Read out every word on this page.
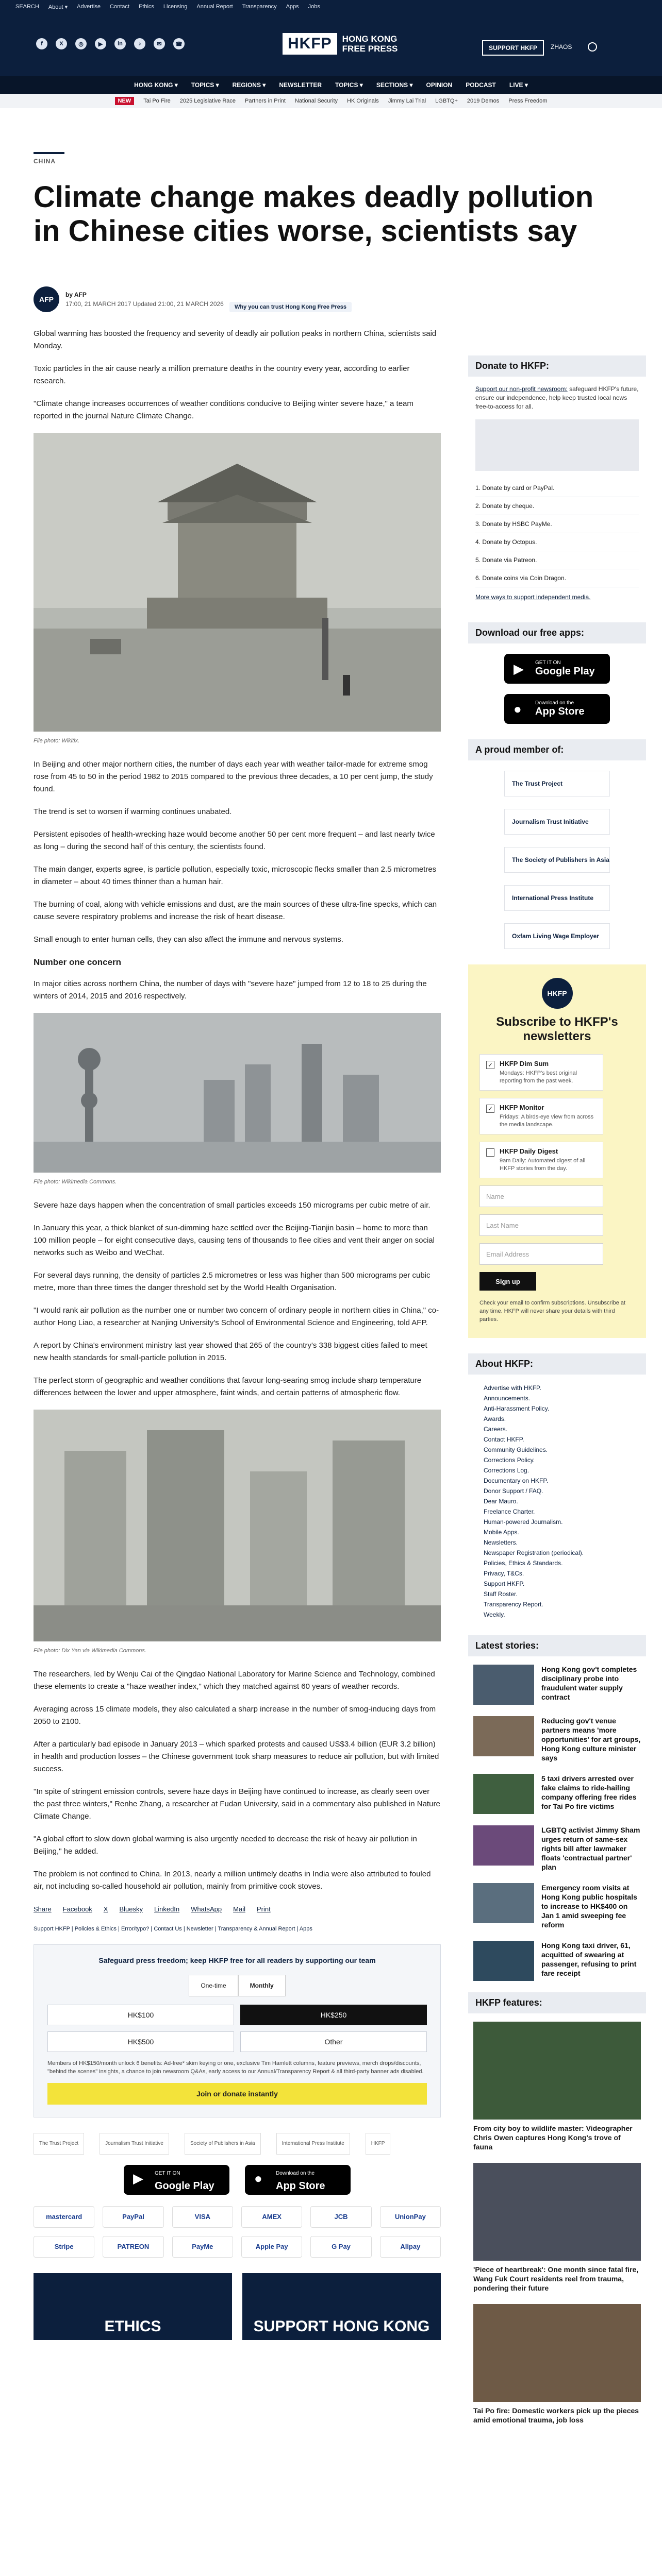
SEARCH About ▾ Advertise Contact Ethics Licensing Annual Report Transparency Apps Jobs
f	X	◎	▶	in	♪	✉	☎	HKFP	HONG KONG
FREE PRESS	SUPPORT HKFP	ZHAOS
HONG KONG ▾ TOPICS ▾ REGIONS ▾ NEWSLETTER TOPICS ▾ SECTIONS ▾ OPINION PODCAST LIVE ▾
NEW	Tai Po Fire 2025 Legislative Race Partners in Print National Security HK Originals Jimmy Lai Trial LGBTQ+ 2019 Demos Press Freedom
CHINA
Climate change makes deadly pollution in Chinese cities worse, scientists say
AFP
by AFP
17:00, 21 MARCH 2017 Updated 21:00, 21 MARCH 2026	Why you can trust Hong Kong Free Press

Global warming has boosted the frequency and severity of deadly air pollution peaks in northern China, scientists said Monday.

Toxic particles in the air cause nearly a million premature deaths in the country every year, according to earlier research.

"Climate change increases occurrences of weather conditions conducive to Beijing winter severe haze," a team reported in the journal Nature Climate Change.

File photo: Wikitix.

In Beijing and other major northern cities, the number of days each year with weather tailor-made for extreme smog rose from 45 to 50 in the period 1982 to 2015 compared to the previous three decades, a 10 per cent jump, the study found.

The trend is set to worsen if warming continues unabated.

Persistent episodes of health-wrecking haze would become another 50 per cent more frequent – and last nearly twice as long – during the second half of this century, the scientists found.

The main danger, experts agree, is particle pollution, especially toxic, microscopic flecks smaller than 2.5 micrometres in diameter – about 40 times thinner than a human hair.

The burning of coal, along with vehicle emissions and dust, are the main sources of these ultra-fine specks, which can cause severe respiratory problems and increase the risk of heart disease.

Small enough to enter human cells, they can also affect the immune and nervous systems.

Number one concern

In major cities across northern China, the number of days with "severe haze" jumped from 12 to 18 to 25 during the winters of 2014, 2015 and 2016 respectively.

File photo: Wikimedia Commons.

Severe haze days happen when the concentration of small particles exceeds 150 micrograms per cubic metre of air.

In January this year, a thick blanket of sun-dimming haze settled over the Beijing-Tianjin basin – home to more than 100 million people – for eight consecutive days, causing tens of thousands to flee cities and vent their anger on social networks such as Weibo and WeChat.

For several days running, the density of particles 2.5 micrometres or less was higher than 500 micrograms per cubic metre, more than three times the danger threshold set by the World Health Organisation.

"I would rank air pollution as the number one or number two concern of ordinary people in northern cities in China," co-author Hong Liao, a researcher at Nanjing University's School of Environmental Science and Engineering, told AFP.

A report by China's environment ministry last year showed that 265 of the country's 338 biggest cities failed to meet new health standards for small-particle pollution in 2015.

The perfect storm of geographic and weather conditions that favour long-searing smog include sharp temperature differences between the lower and upper atmosphere, faint winds, and certain patterns of atmospheric flow.

File photo: Dix Yan via Wikimedia Commons.

The researchers, led by Wenju Cai of the Qingdao National Laboratory for Marine Science and Technology, combined these elements to create a "haze weather index," which they matched against 60 years of weather records.

Averaging across 15 climate models, they also calculated a sharp increase in the number of smog-inducing days from 2050 to 2100.

After a particularly bad episode in January 2013 – which sparked protests and caused US$3.4 billion (EUR 3.2 billion) in health and production losses – the Chinese government took sharp measures to reduce air pollution, but with limited success.

"In spite of stringent emission controls, severe haze days in Beijing have continued to increase, as clearly seen over the past three winters," Renhe Zhang, a researcher at Fudan University, said in a commentary also published in Nature Climate Change.

"A global effort to slow down global warming is also urgently needed to decrease the risk of heavy air pollution in Beijing," he added.

The problem is not confined to China. In 2013, nearly a million untimely deaths in India were also attributed to fouled air, not including so-called household air pollution, mainly from primitive cook stoves.

Share Facebook X Bluesky LinkedIn WhatsApp Mail Print
Support HKFP | Policies & Ethics | Error/typo? | Contact Us | Newsletter | Transparency & Annual Report | Apps
Safeguard press freedom; keep HKFP free for all readers by supporting our team
One-time	Monthly
HK$100	HK$250
HK$500	Other
Members of HK$150/month unlock 6 benefits: Ad-free* skim keying or one, exclusive Tim Hamlett columns, feature previews, merch drops/discounts, "behind the scenes" insights, a chance to join newsroom Q&As, early access to our Annual/Transparency Report & all third-party banner ads disabled.
Join or donate instantly
The Trust Project	Journalism Trust Initiative	Society of Publishers in Asia	International Press Institute	HKFP
▶ GET IT ON
Google Play	●	Download on the
App Store
mastercard	PayPal	VISA	AMEX	JCB	UnionPay
Stripe	PATREON	PayMe	Apple Pay	G Pay	Alipay
ETHICS	SUPPORT HONG KONG
Donate to HKFP:
Support our non-profit newsroom: safeguard HKFP's future, ensure our independence, help keep trusted local news free-to-access for all.
1. Donate by card or PayPal.
2. Donate by cheque.
3. Donate by HSBC PayMe.
4. Donate by Octopus.
5. Donate via Patreon.
6. Donate coins via Coin Dragon.
More ways to support independent media.
Download our free apps:
▶ GET IT ON
Google Play
●	Download on the
App Store
A proud member of:
The Trust Project
Journalism Trust Initiative
The Society of Publishers in Asia
International Press Institute
Oxfam Living Wage Employer
HKFP
Subscribe to HKFP's newsletters
✓ HKFP Dim Sum
Mondays: HKFP's best original reporting from the past week.
✓ HKFP Monitor
Fridays: A birds-eye view from across the media landscape.
HKFP Daily Digest
9am Daily: Automated digest of all HKFP stories from the day.
Name
Last Name
Email Address
Sign up
Check your email to confirm subscriptions. Unsubscribe at any time. HKFP will never share your details with third parties.
About HKFP:
Advertise with HKFP.
Announcements.
Anti-Harassment Policy.
Awards.
Careers.
Contact HKFP.
Community Guidelines.
Corrections Policy.
Corrections Log.
Documentary on HKFP.
Donor Support / FAQ.
Dear Mauro.
Freelance Charter.
Human-powered Journalism.
Mobile Apps.
Newsletters.
Newspaper Registration (periodical).
Policies, Ethics & Standards.
Privacy, T&Cs.
Support HKFP.
Staff Roster.
Transparency Report.
Weekly.
Latest stories:
Hong Kong gov't completes disciplinary probe into fraudulent water supply contract
Reducing gov't venue partners means 'more opportunities' for art groups, Hong Kong culture minister says
5 taxi drivers arrested over fake claims to ride-hailing company offering free rides for Tai Po fire victims
LGBTQ activist Jimmy Sham urges return of same-sex rights bill after lawmaker floats 'contractual partner' plan
Emergency room visits at Hong Kong public hospitals to increase to HK$400 on Jan 1 amid sweeping fee reform
Hong Kong taxi driver, 61, acquitted of swearing at passenger, refusing to print fare receipt
HKFP features:
From city boy to wildlife master: Videographer Chris Owen captures Hong Kong's trove of fauna
'Piece of heartbreak': One month since fatal fire, Wang Fuk Court residents reel from trauma, pondering their future
Tai Po fire: Domestic workers pick up the pieces amid emotional trauma, job loss
